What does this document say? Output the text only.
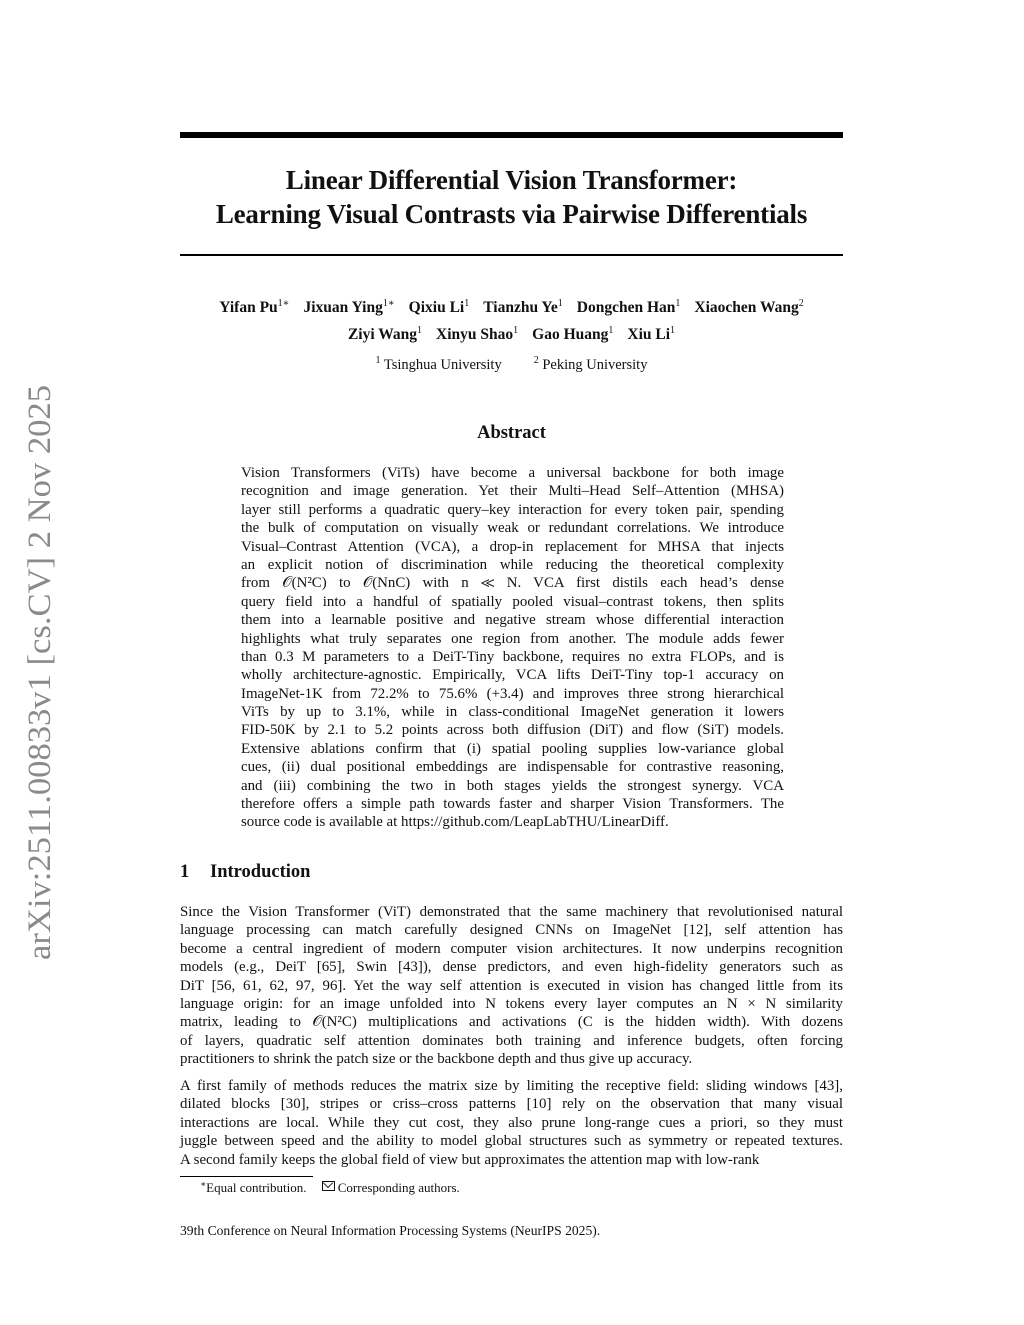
arXiv:2511.00833v1 [cs.CV] 2 Nov 2025
Linear Differential Vision Transformer:
Learning Visual Contrasts via Pairwise Differentials
Yifan $Pu^{1∗}$ Jixuan Ying$^{1∗}$ Qixiu Li$^1$ Tianzhu Ye$^1$ Dongchen Han$^1$ Xiaochen Wang$^2$
Ziyi Wang$^1$ Xinyu Shao$^1$ Gao Huang$^1$ Xiu Li$^1$
$^1$ Tsinghua University	$^2$ Peking University
Abstract
Vision Transformers (ViTs) have become a universal backbone for both image
recognition and image generation. Yet their Multi–Head Self–Attention (MHSA)
layer still performs a quadratic query–key interaction for every token pair, spending
the bulk of computation on visually weak or redundant correlations. We introduce
Visual–Contrast Attention (VCA), a drop-in replacement for MHSA that injects
an explicit notion of discrimination while reducing the theoretical complexity
from 𝒪(N²C) to 𝒪(NnC) with n ≪ N. VCA first distils each head’s dense
query field into a handful of spatially pooled visual–contrast tokens, then splits
them into a learnable positive and negative stream whose differential interaction
highlights what truly separates one region from another. The module adds fewer
than 0.3 M parameters to a DeiT-Tiny backbone, requires no extra FLOPs, and is
wholly architecture-agnostic. Empirically, VCA lifts DeiT-Tiny top-1 accuracy on
ImageNet-1K from 72.2% to 75.6% (+3.4) and improves three strong hierarchical
ViTs by up to 3.1%, while in class-conditional ImageNet generation it lowers
FID-50K by 2.1 to 5.2 points across both diffusion (DiT) and flow (SiT) models.
Extensive ablations confirm that (i) spatial pooling supplies low-variance global
cues, (ii) dual positional embeddings are indispensable for contrastive reasoning,
and (iii) combining the two in both stages yields the strongest synergy. VCA
therefore offers a simple path towards faster and sharper Vision Transformers. The
source code is available at https://github.com/LeapLabTHU/LinearDiff.
1 Introduction
Since the Vision Transformer (ViT) demonstrated that the same machinery that revolutionised natural
language processing can match carefully designed CNNs on ImageNet [12], self attention has
become a central ingredient of modern computer vision architectures. It now underpins recognition
models (e.g., DeiT [65], Swin [43]), dense predictors, and even high-fidelity generators such as
DiT [56, 61, 62, 97, 96]. Yet the way self attention is executed in vision has changed little from its
language origin: for an image unfolded into N tokens every layer computes an N × N similarity
matrix, leading to 𝒪(N²C) multiplications and activations (C is the hidden width). With dozens
of layers, quadratic self attention dominates both training and inference budgets, often forcing
practitioners to shrink the patch size or the backbone depth and thus give up accuracy.
A first family of methods reduces the matrix size by limiting the receptive field: sliding windows [43],
dilated blocks [30], stripes or criss–cross patterns [10] rely on the observation that many visual
interactions are local. While they cut cost, they also prune long-range cues a priori, so they must
juggle between speed and the ability to model global structures such as symmetry or repeated textures.
A second family keeps the global field of view but approximates the attention map with low-rank
∗Equal contribution. Corresponding authors.
39th Conference on Neural Information Processing Systems (NeurIPS 2025).
